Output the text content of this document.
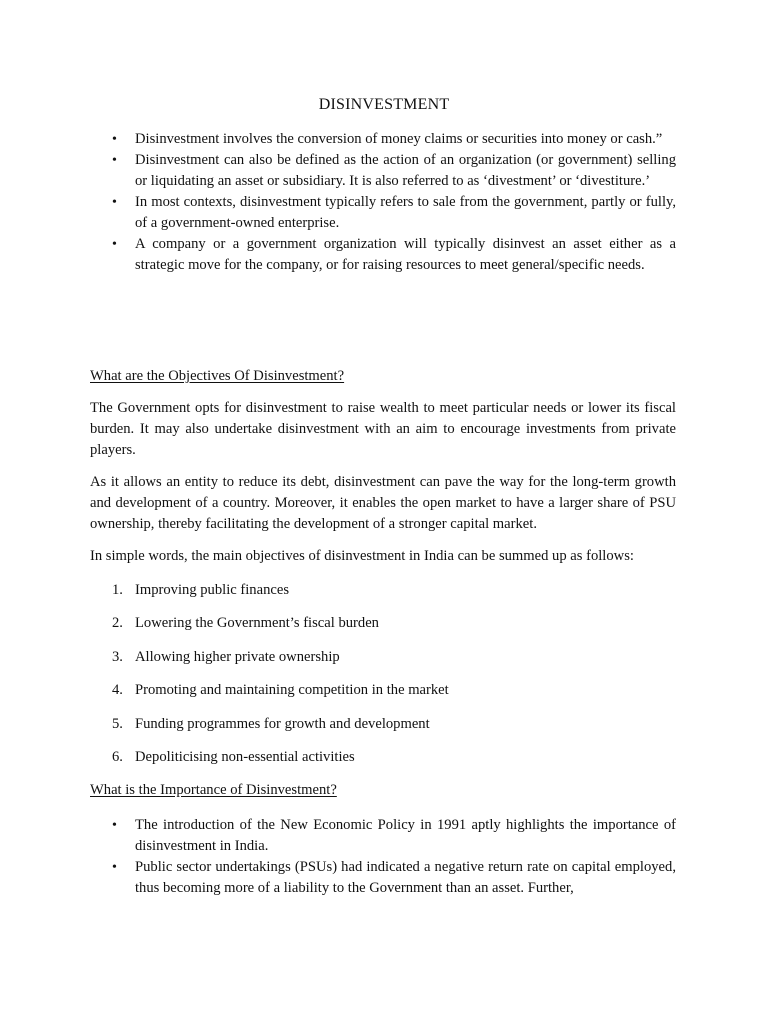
DISINVESTMENT
• Disinvestment involves the conversion of money claims or securities into money or cash.”
• Disinvestment can also be defined as the action of an organization (or government) selling or liquidating an asset or subsidiary. It is also referred to as ‘divestment’ or ‘divestiture.’
• In most contexts, disinvestment typically refers to sale from the government, partly or fully, of a government-owned enterprise.
• A company or a government organization will typically disinvest an asset either as a strategic move for the company, or for raising resources to meet general/specific needs.
What are the Objectives Of Disinvestment?

The Government opts for disinvestment to raise wealth to meet particular needs or lower its fiscal burden. It may also undertake disinvestment with an aim to encourage investments from private players.

As it allows an entity to reduce its debt, disinvestment can pave the way for the long-term growth and development of a country. Moreover, it enables the open market to have a larger share of PSU ownership, thereby facilitating the development of a stronger capital market.

In simple words, the main objectives of disinvestment in India can be summed up as follows:

1. Improving public finances
2. Lowering the Government’s fiscal burden
3. Allowing higher private ownership
4. Promoting and maintaining competition in the market
5. Funding programmes for growth and development
6. Depoliticising non-essential activities
What is the Importance of Disinvestment?
• The introduction of the New Economic Policy in 1991 aptly highlights the importance of disinvestment in India.
• Public sector undertakings (PSUs) had indicated a negative return rate on capital employed, thus becoming more of a liability to the Government than an asset. Further,
